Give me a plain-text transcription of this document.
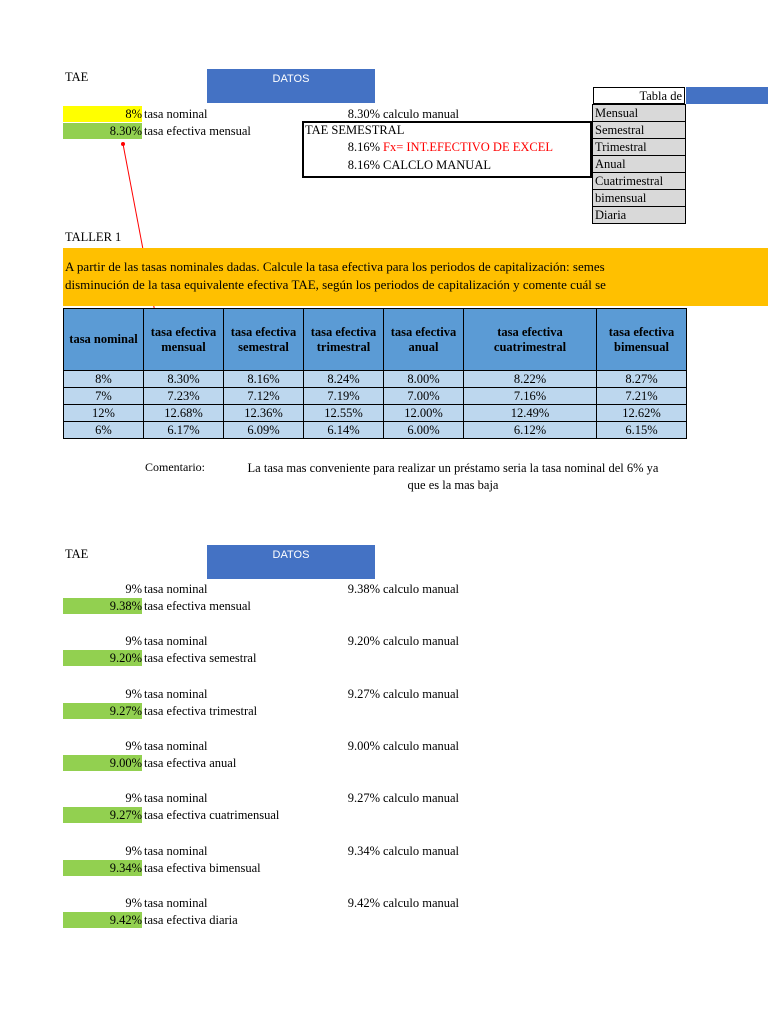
TAE	DATOS
8% tasa nominal
8.30% tasa efectiva mensual
8.30% calculo manual
TAE SEMESTRAL
8.16% Fx= INT.EFECTIVO DE EXCEL
8.16% CALCLO MANUAL
Tabla de
Mensual
Semestral
Trimestral
Anual
Cuatrimestral
bimensual
Diaria
TALLER 1
A partir de las tasas nominales dadas. Calcule la tasa efectiva para los periodos de capitalización: semes
disminución de la tasa equivalente efectiva TAE, según los periodos de capitalización y comente cuál se
tasa nominal	tasa efectiva mensual	tasa efectiva semestral	tasa efectiva trimestral	tasa efectiva anual	tasa efectiva cuatrimestral	tasa efectiva bimensual
8%	8.30%	8.16%	8.24%	8.00%	8.22%	8.27%
7%	7.23%	7.12%	7.19%	7.00%	7.16%	7.21%
12%	12.68%	12.36%	12.55%	12.00%	12.49%	12.62%
6%	6.17%	6.09%	6.14%	6.00%	6.12%	6.15%
Comentario:	La tasa mas conveniente para realizar un préstamo seria la tasa nominal del 6% ya
que es la mas baja
TAE	DATOS
9% tasa nominal	9.38% calculo manual
9.38% tasa efectiva mensual
9% tasa nominal	9.20% calculo manual
9.20% tasa efectiva semestral
9% tasa nominal	9.27% calculo manual
9.27% tasa efectiva trimestral
9% tasa nominal	9.00% calculo manual
9.00% tasa efectiva anual
9% tasa nominal	9.27% calculo manual
9.27% tasa efectiva cuatrimensual
9% tasa nominal	9.34% calculo manual
9.34% tasa efectiva bimensual
9% tasa nominal	9.42% calculo manual
9.42% tasa efectiva diaria
